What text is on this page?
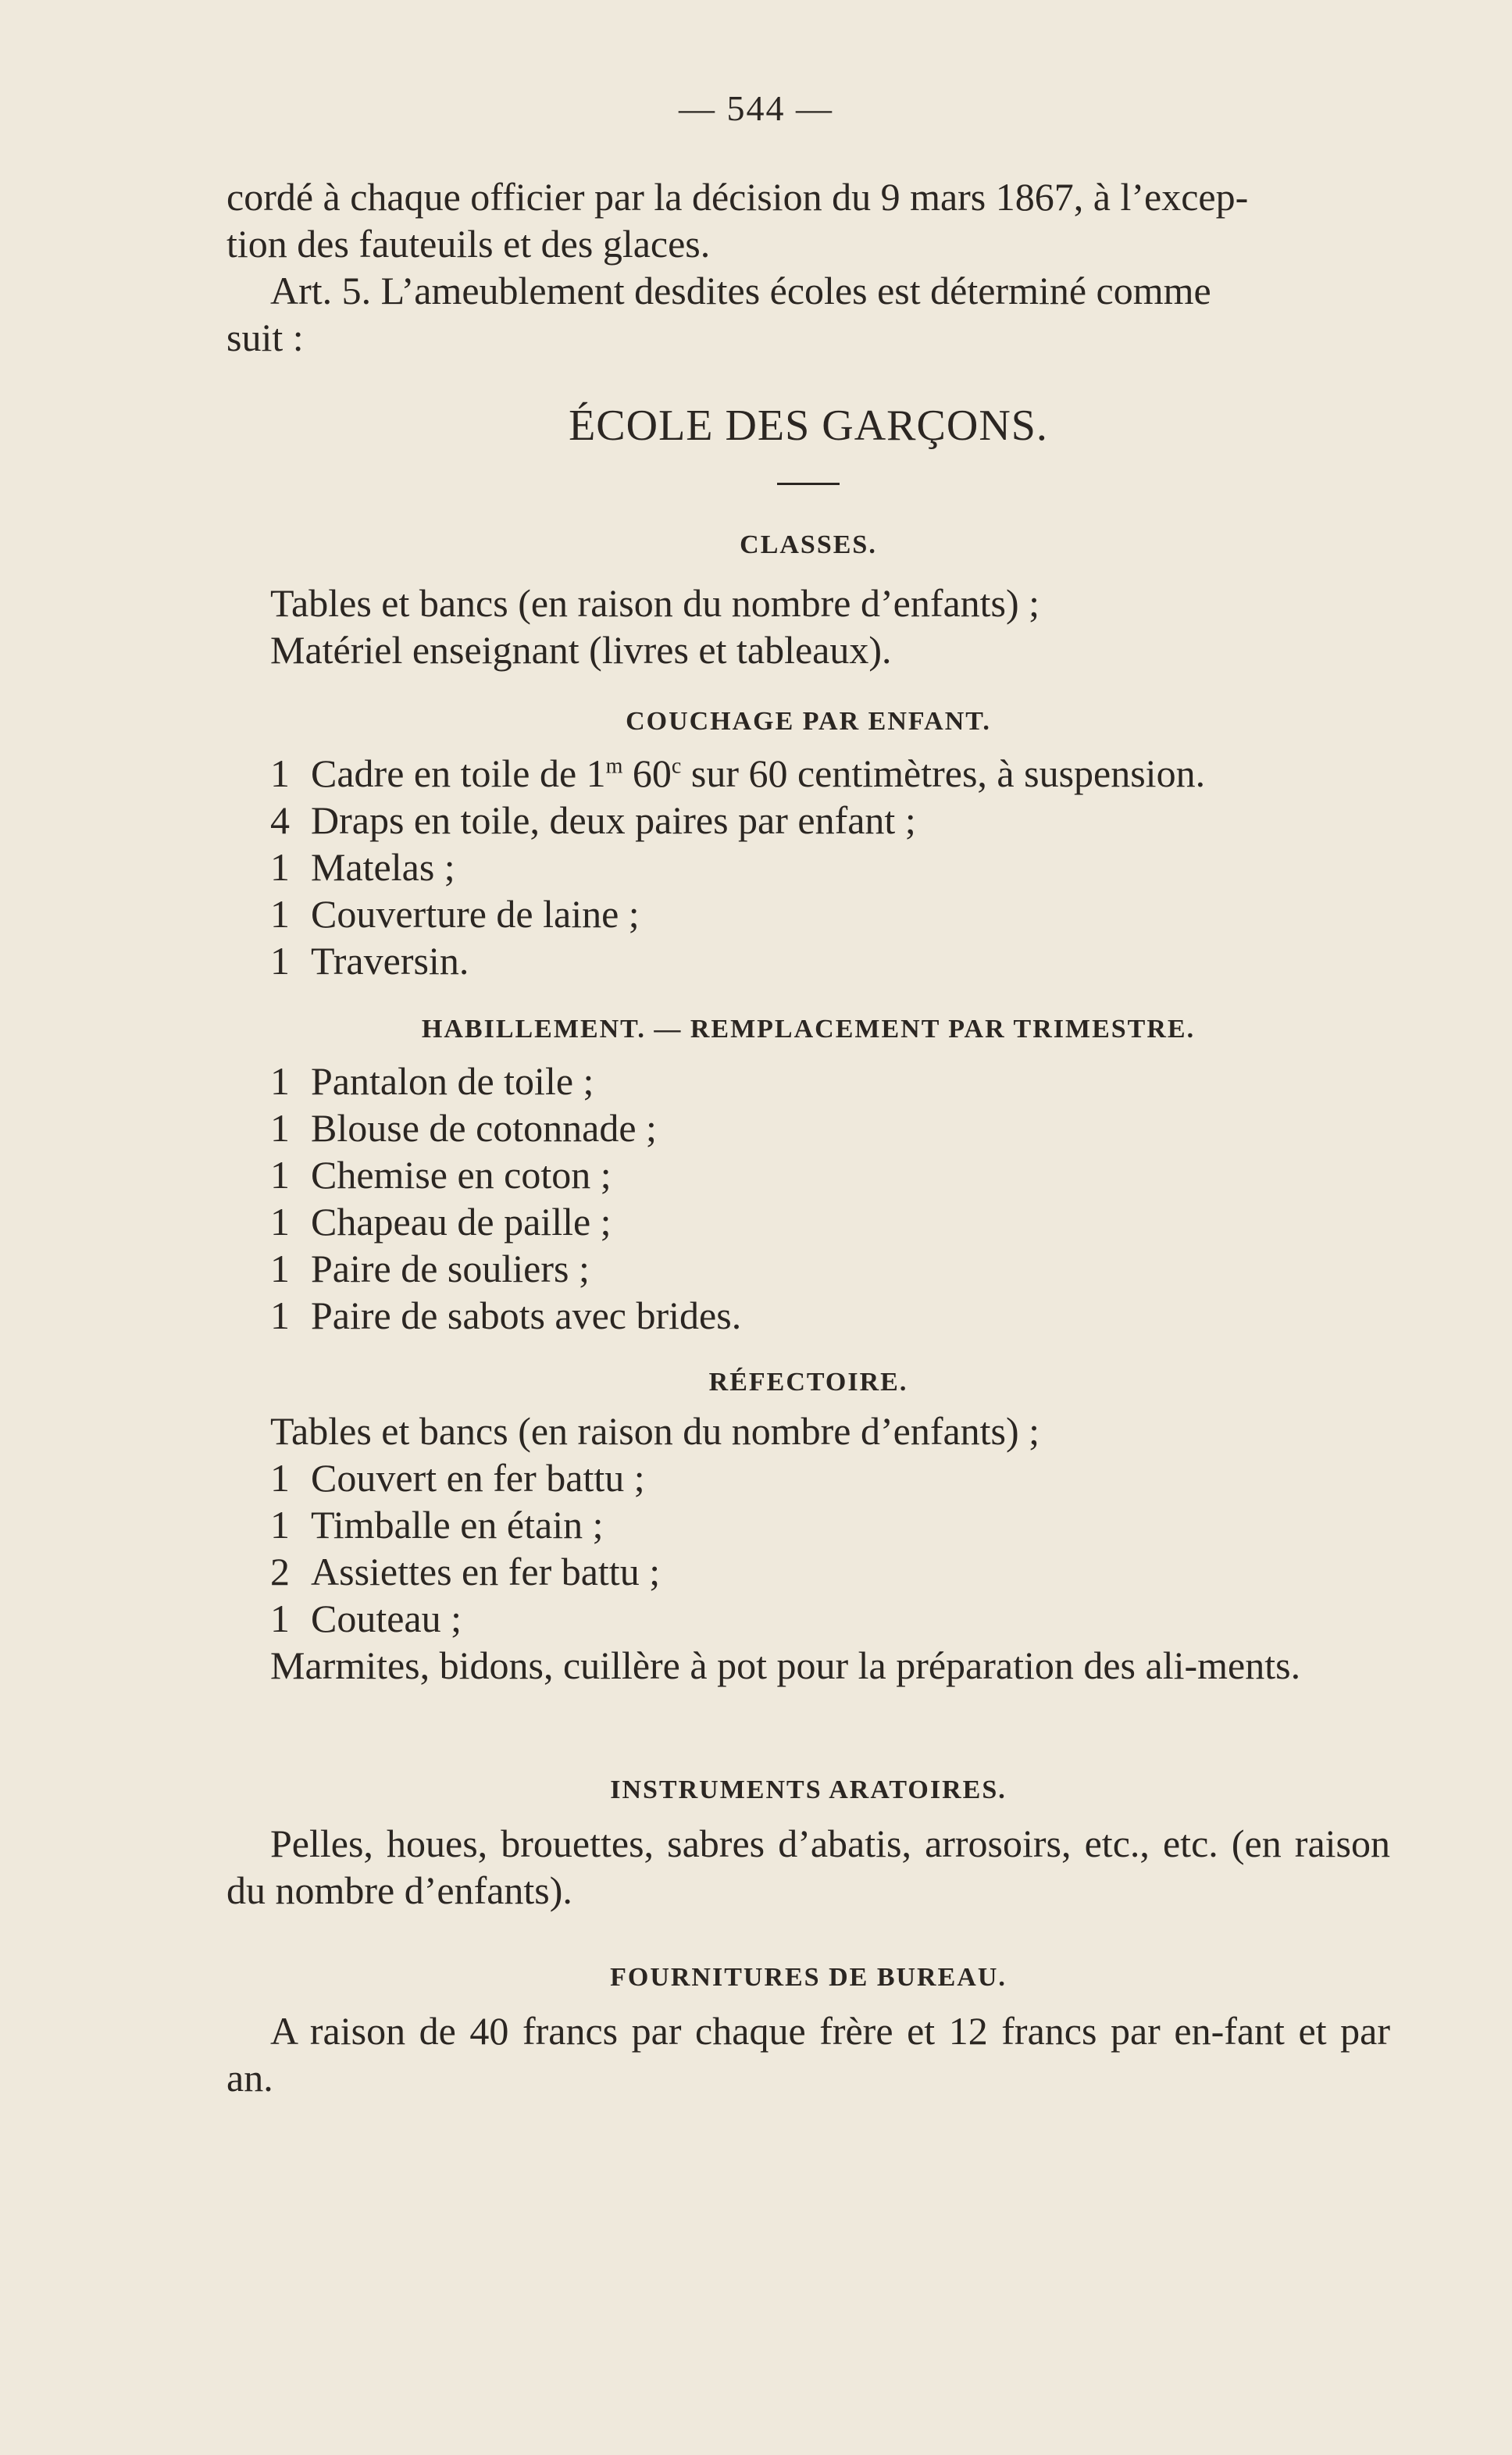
— 544 —
cordé à chaque officier par la décision du 9 mars 1867, à l’excep-
tion des fauteuils et des glaces.
Art. 5. L’ameublement desdites écoles est déterminé comme
suit :
ÉCOLE DES GARÇONS.
CLASSES.
Tables et bancs (en raison du nombre d’enfants) ;
Matériel enseignant (livres et tableaux).
COUCHAGE PAR ENFANT.
1 Cadre en toile de 1$^m$ 60$^c$ sur 60 centimètres, à suspension.
4 Draps en toile, deux paires par enfant ;
1 Matelas ;
1 Couverture de laine ;
1 Traversin.
HABILLEMENT. — REMPLACEMENT PAR TRIMESTRE.
1 Pantalon de toile ;
1 Blouse de cotonnade ;
1 Chemise en coton ;
1 Chapeau de paille ;
1 Paire de souliers ;
1 Paire de sabots avec brides.
RÉFECTOIRE.
Tables et bancs (en raison du nombre d’enfants) ;
1 Couvert en fer battu ;
1 Timballe en étain ;
2 Assiettes en fer battu ;
1 Couteau ;
Marmites, bidons, cuillère à pot pour la préparation des ali-ments.
INSTRUMENTS ARATOIRES.
Pelles, houes, brouettes, sabres d’abatis, arrosoirs, etc., etc. (en raison du nombre d’enfants).
FOURNITURES DE BUREAU.
A raison de 40 francs par chaque frère et 12 francs par en-fant et par an.
